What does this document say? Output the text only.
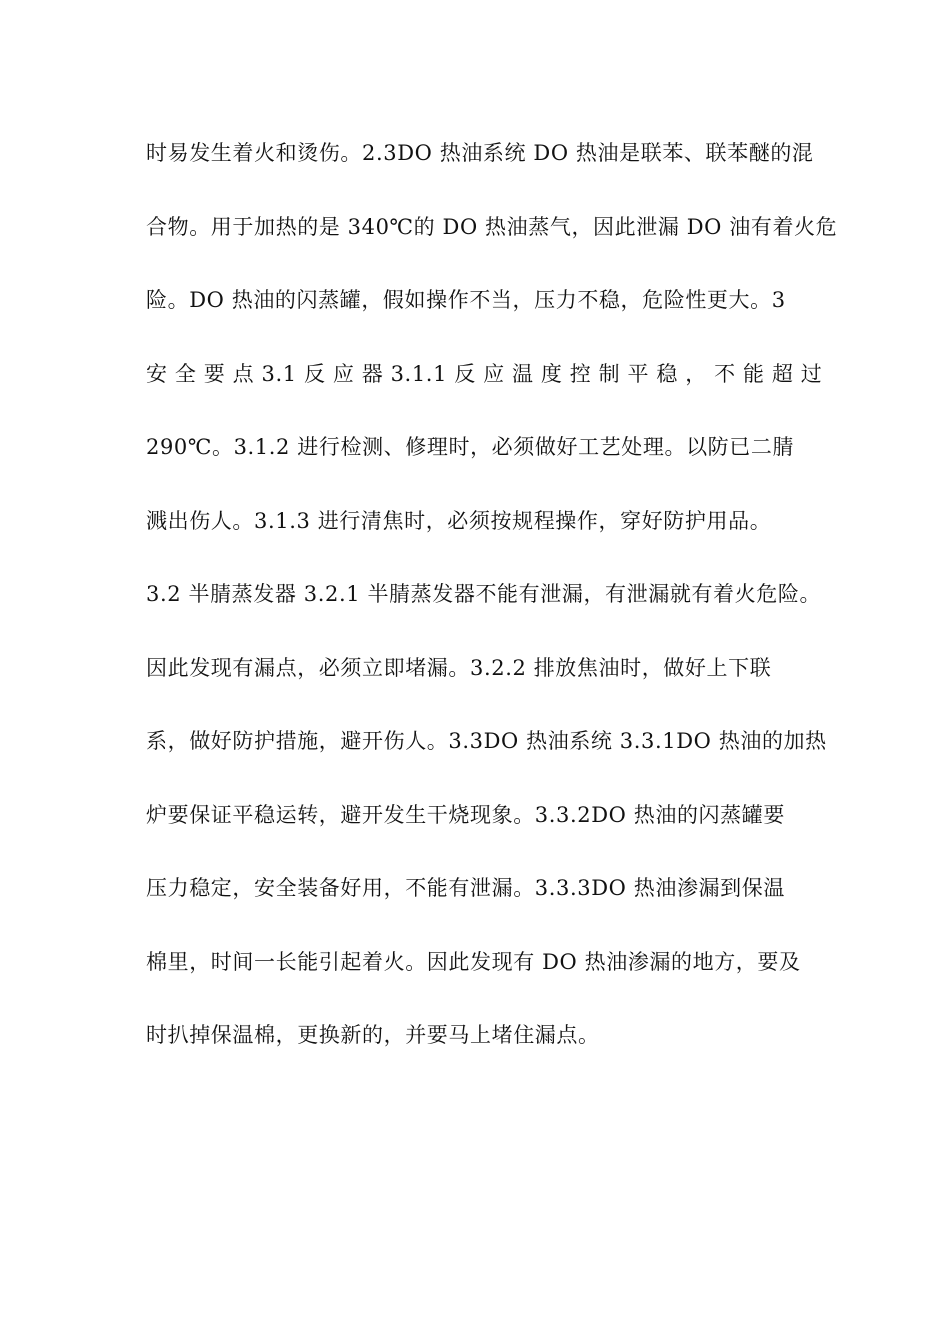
时易发生着火和烫伤。2.3DO 热油系统 DO 热油是联苯、联苯醚的混
合物。用于加热的是 340℃的 DO 热油蒸气，因此泄漏 DO 油有着火危
险。DO 热油的闪蒸罐，假如操作不当，压力不稳，危险性更大。3
安 全 要 点 3.1 反 应 器 3.1.1 反 应 温 度 控 制 平 稳 ， 不 能 超 过
290℃。3.1.2 进行检测、修理时，必须做好工艺处理。以防已二腈
溅出伤人。3.1.3 进行清焦时，必须按规程操作，穿好防护用品。
3.2 半腈蒸发器 3.2.1 半腈蒸发器不能有泄漏，有泄漏就有着火危险。
因此发现有漏点，必须立即堵漏。3.2.2 排放焦油时，做好上下联
系，做好防护措施，避开伤人。3.3DO 热油系统 3.3.1DO 热油的加热
炉要保证平稳运转，避开发生干烧现象。3.3.2DO 热油的闪蒸罐要
压力稳定，安全装备好用，不能有泄漏。3.3.3DO 热油渗漏到保温
棉里，时间一长能引起着火。因此发现有 DO 热油渗漏的地方，要及
时扒掉保温棉，更换新的，并要马上堵住漏点。
